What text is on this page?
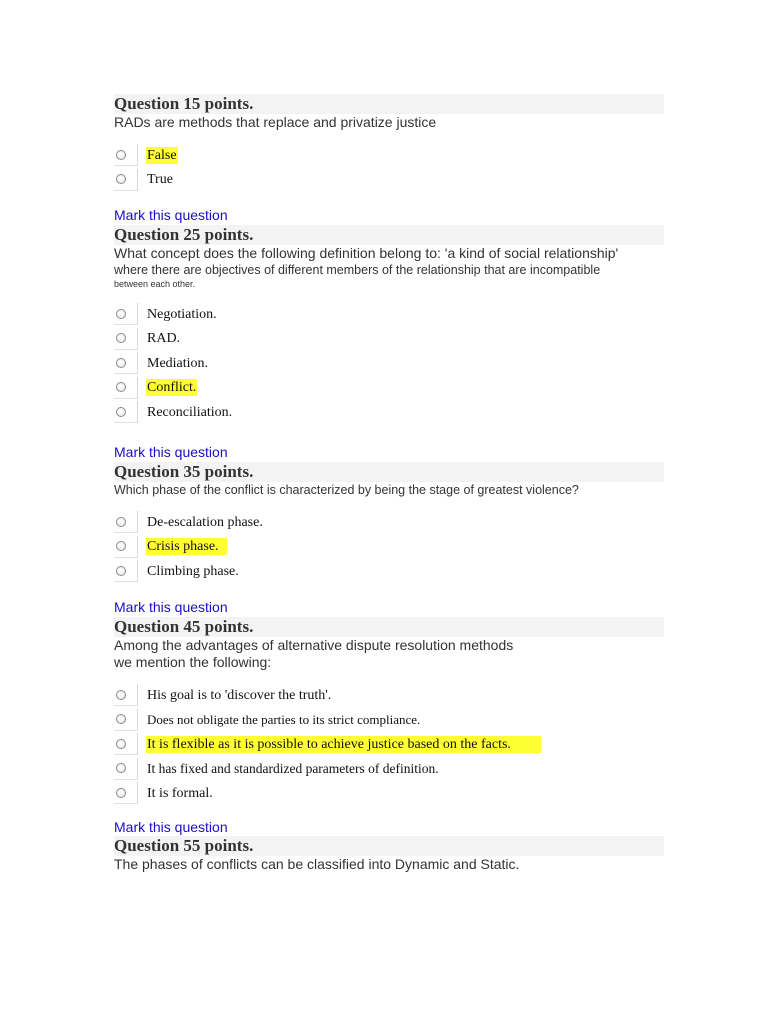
Question 15 points.
RADs are methods that replace and privatize justice
False
True
Mark this question
Question 25 points.
What concept does the following definition belong to: 'a kind of social relationship'
where there are objectives of different members of the relationship that are incompatible
between each other.
Negotiation.
RAD.
Mediation.
Conflict.
Reconciliation.
Mark this question
Question 35 points.
Which phase of the conflict is characterized by being the stage of greatest violence?
De-escalation phase.
Crisis phase.
Climbing phase.
Mark this question
Question 45 points.
Among the advantages of alternative dispute resolution methods
we mention the following:
His goal is to 'discover the truth'.
Does not obligate the parties to its strict compliance.
It is flexible as it is possible to achieve justice based on the facts.
It has fixed and standardized parameters of definition.
It is formal.
Mark this question
Question 55 points.
The phases of conflicts can be classified into Dynamic and Static.
